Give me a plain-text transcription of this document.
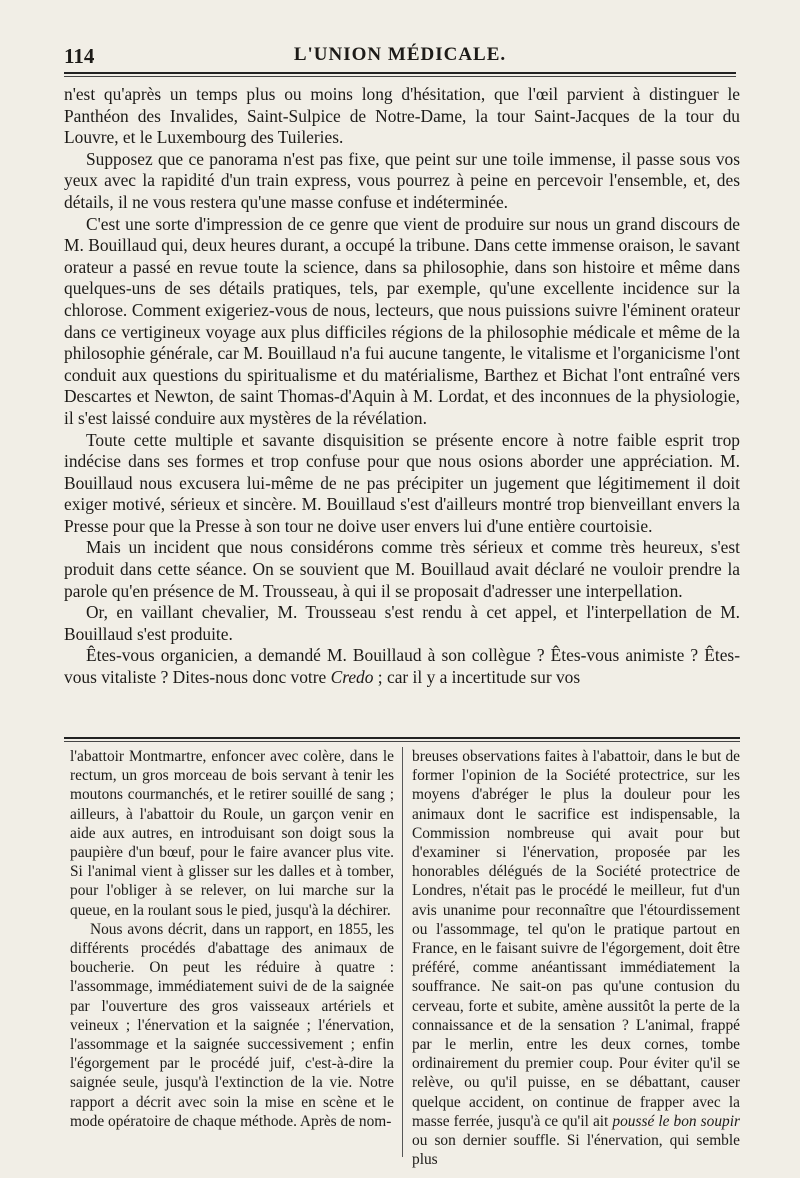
114	L'UNION MÉDICALE.

n'est qu'après un temps plus ou moins long d'hésitation, que l'œil parvient à distinguer le Panthéon des Invalides, Saint-Sulpice de Notre-Dame, la tour Saint-Jacques de la tour du Louvre, et le Luxembourg des Tuileries.

Supposez que ce panorama n'est pas fixe, que peint sur une toile immense, il passe sous vos yeux avec la rapidité d'un train express, vous pourrez à peine en percevoir l'ensemble, et, des détails, il ne vous restera qu'une masse confuse et indéterminée.

C'est une sorte d'impression de ce genre que vient de produire sur nous un grand discours de M. Bouillaud qui, deux heures durant, a occupé la tribune. Dans cette immense oraison, le savant orateur a passé en revue toute la science, dans sa philosophie, dans son histoire et même dans quelques-uns de ses détails pratiques, tels, par exemple, qu'une excellente incidence sur la chlorose. Comment exigeriez-vous de nous, lecteurs, que nous puissions suivre l'éminent orateur dans ce vertigineux voyage aux plus difficiles régions de la philosophie médicale et même de la philosophie générale, car M. Bouillaud n'a fui aucune tangente, le vitalisme et l'organicisme l'ont conduit aux questions du spiritualisme et du matérialisme, Barthez et Bichat l'ont entraîné vers Descartes et Newton, de saint Thomas-d'Aquin à M. Lordat, et des inconnues de la physiologie, il s'est laissé conduire aux mystères de la révélation.

Toute cette multiple et savante disquisition se présente encore à notre faible esprit trop indécise dans ses formes et trop confuse pour que nous osions aborder une appréciation. M. Bouillaud nous excusera lui-même de ne pas précipiter un jugement que légitimement il doit exiger motivé, sérieux et sincère. M. Bouillaud s'est d'ailleurs montré trop bienveillant envers la Presse pour que la Presse à son tour ne doive user envers lui d'une entière courtoisie.

Mais un incident que nous considérons comme très sérieux et comme très heureux, s'est produit dans cette séance. On se souvient que M. Bouillaud avait déclaré ne vouloir prendre la parole qu'en présence de M. Trousseau, à qui il se proposait d'adresser une interpellation.

Or, en vaillant chevalier, M. Trousseau s'est rendu à cet appel, et l'interpellation de M. Bouillaud s'est produite.

Êtes-vous organicien, a demandé M. Bouillaud à son collègue ? Êtes-vous animiste ? Êtes-vous vitaliste ? Dites-nous donc votre Credo ; car il y a incertitude sur vos

l'abattoir Montmartre, enfoncer avec colère, dans le rectum, un gros morceau de bois servant à tenir les moutons courmanchés, et le retirer souillé de sang ; ailleurs, à l'abattoir du Roule, un garçon venir en aide aux autres, en introduisant son doigt sous la paupière d'un bœuf, pour le faire avancer plus vite. Si l'animal vient à glisser sur les dalles et à tomber, pour l'obliger à se relever, on lui marche sur la queue, en la roulant sous le pied, jusqu'à la déchirer.

Nous avons décrit, dans un rapport, en 1855, les différents procédés d'abattage des animaux de boucherie. On peut les réduire à quatre : l'assommage, immédiatement suivi de de la saignée par l'ouverture des gros vaisseaux artériels et veineux ; l'énervation et la saignée ; l'énervation, l'assommage et la saignée successivement ; enfin l'égorgement par le procédé juif, c'est-à-dire la saignée seule, jusqu'à l'extinction de la vie. Notre rapport a décrit avec soin la mise en scène et le mode opératoire de chaque méthode. Après de nom-

breuses observations faites à l'abattoir, dans le but de former l'opinion de la Société protectrice, sur les moyens d'abréger le plus la douleur pour les animaux dont le sacrifice est indispensable, la Commission nombreuse qui avait pour but d'examiner si l'énervation, proposée par les honorables délégués de la Société protectrice de Londres, n'était pas le procédé le meilleur, fut d'un avis unanime pour reconnaître que l'étourdissement ou l'assommage, tel qu'on le pratique partout en France, en le faisant suivre de l'égorgement, doit être préféré, comme anéantissant immédiatement la souffrance. Ne sait-on pas qu'une contusion du cerveau, forte et subite, amène aussitôt la perte de la connaissance et de la sensation ? L'animal, frappé par le merlin, entre les deux cornes, tombe ordinairement du premier coup. Pour éviter qu'il se relève, ou qu'il puisse, en se débattant, causer quelque accident, on continue de frapper avec la masse ferrée, jusqu'à ce qu'il ait poussé le bon soupir ou son dernier souffle. Si l'énervation, qui semble plus
